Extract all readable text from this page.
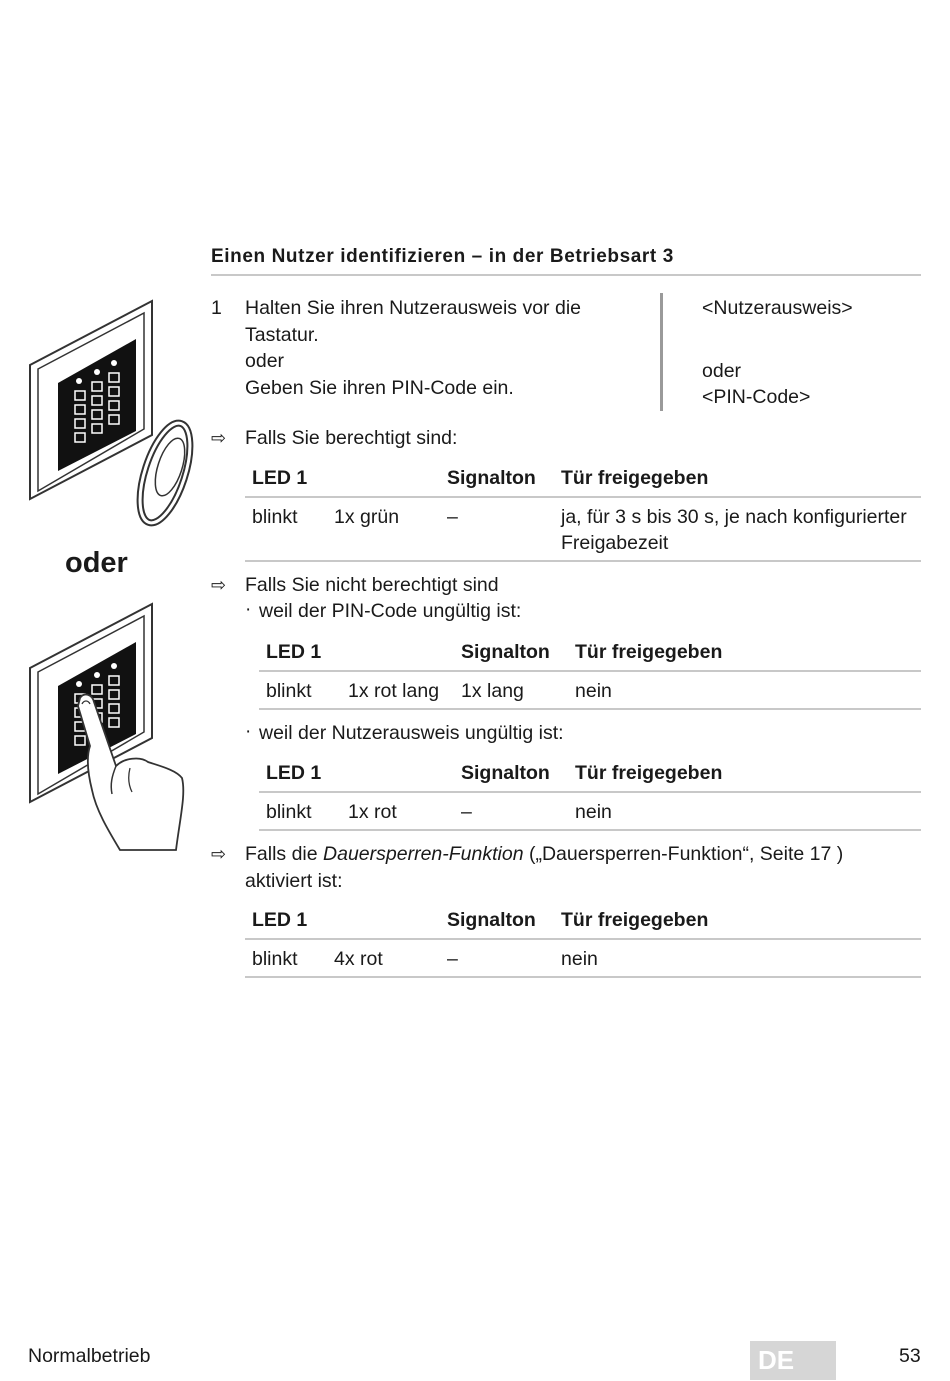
Einen Nutzer identifizieren – in der Betriebsart 3
1 Halten Sie ihren Nutzerausweis vor die
Tastatur.
oder
Geben Sie ihren PIN-Code ein.
<Nutzerausweis>
oder
<PIN-Code>
oder
⇨ Falls Sie berechtigt sind:
LED 1		Signalton	Tür freigegeben
blinkt	1x grün	–	ja, für 3 s bis 30 s, je nach konfigurierter
Freigabezeit
⇨ Falls Sie nicht berechtigt sind
· weil der PIN-Code ungültig ist:
LED 1		Signalton	Tür freigegeben
blinkt	1x rot lang	1x lang	nein
· weil der Nutzerausweis ungültig ist:
LED 1		Signalton	Tür freigegeben
blinkt	1x rot	–	nein
⇨ Falls die Dauersperren-Funktion („Dauersperren-Funktion“, Seite 17 )
aktiviert ist:
LED 1		Signalton	Tür freigegeben
blinkt	4x rot	–	nein
Normalbetrieb	DE	53
